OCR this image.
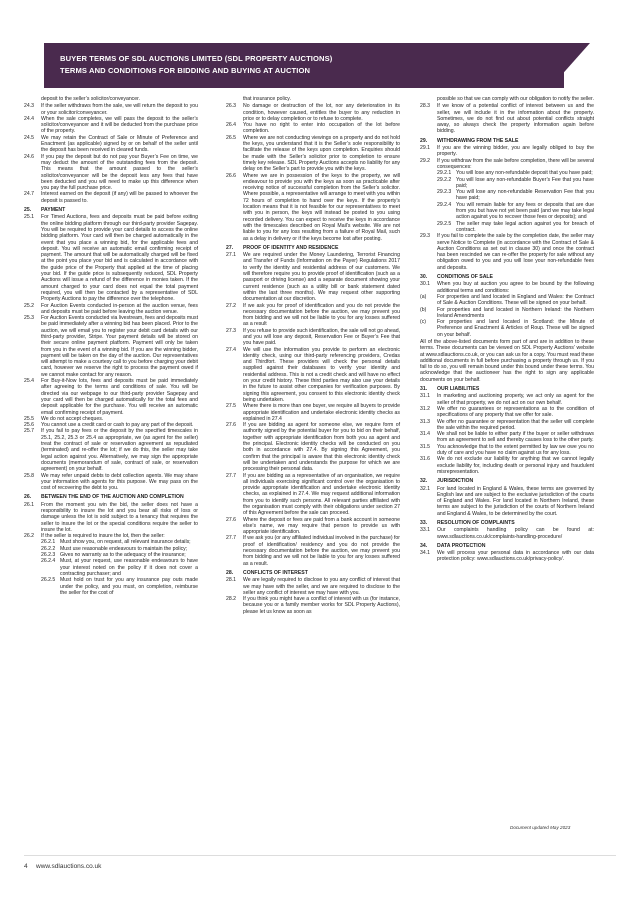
BUYER TERMS OF SDL AUCTIONS LIMITED (SDL PROPERTY AUCTIONS)
TERMS AND CONDITIONS FOR BIDDING AND BUYING AT AUCTION
deposit to the seller’s solicitor/conveyancer.
24.3	If the seller withdraws from the sale, we will return the deposit to you or your solicitor/conveyancer.
24.4	When the sale completes, we will pass the deposit to the seller’s solicitor/conveyancer and it will be deducted from the purchase price of the property.
24.5	We may retain the Contract of Sale or Minute of Preference and Enactment (as applicable) signed by or on behalf of the seller until the deposit has been received in cleared funds.
24.6	If you pay the deposit but do not pay your Buyer’s Fee on time, we may deduct the amount of the outstanding fees from the deposit. This means that the amount passed to the seller’s solicitor/conveyancer will be the deposit less any fees that have been deducted and you will need to make up this difference when you pay the full purchase price.
24.7	Interest earned on the deposit (if any) will be passed to whoever the deposit is passed to.
25.	PAYMENT
25.1	For Timed Auctions, fees and deposits must be paid before exiting the online bidding platform through our third-party provider Sagepay. You will be required to provide your card details to access the online bidding platform. Your card will then be charged automatically in the event that you place a winning bid, for the applicable fees and deposit. You will receive an automatic email confirming receipt of payment. The amount that will be automatically charged will be fixed at the point you place your bid and is calculated in accordance with the guide price of the Property that applied at the time of placing your bid. If the guide price is subsequently reduced, SDL Property Auctions will issue a refund of the difference in monies taken. If the amount charged to your card does not equal the total payment required, you will then be contacted by a representative of SDL Property Auctions to pay the difference over the telephone.
25.2	For Auction Events conducted in-person at the auction venue, fees and deposits must be paid before leaving the auction venue.
25.3	For Auction Events conducted via livestream, fees and deposits must be paid immediately after a winning bid has been placed. Prior to the auction, we will email you to register your debit card details with our third-party provider, Stripe. Your payment details will be stored on their secure online payment platform. Payment will only be taken from you in the event of a winning bid. If you are the winning bidder, payment will be taken on the day of the auction. Our representatives will attempt to make a courtesy call to you before charging your debit card, however we reserve the right to process the payment owed if we cannot make contact for any reason.
25.4	For Buy-it-Now lots, fees and deposits must be paid immediately after agreeing to the terms and conditions of sale. You will be directed via our webpage to our third-party provider Sagepay and your card will then be charged automatically for the total fees and deposit applicable for the purchase. You will receive an automatic email confirming receipt of payment.
25.5	We do not accept cheques.
25.6	You cannot use a credit card or cash to pay any part of the deposit.
25.7	If you fail to pay fees or the deposit by the specified timescales in 25.1, 25.2, 25.3 or 25.4 as appropriate, we (as agent for the seller) treat the contract of sale or reservation agreement as repudiated (terminated) and re-offer the lot; if we do this, the seller may take legal action against you. Alternatively, we may sign the appropriate documents (memorandum of sale, contract of sale, or reservation agreement) on your behalf.
25.8	We may refer unpaid debts to debt collection agents. We may share your information with agents for this purpose. We may pass on the cost of recovering the debt to you.
26.	BETWEEN THE END OF THE AUCTION AND COMPLETION
26.1	From the moment you win the bid, the seller does not have a responsibility to insure the lot and you bear all risks of loss or damage unless the lot is sold subject to a tenancy that requires the seller to insure the lot or the special conditions require the seller to insure the lot.
26.2	If the seller is required to insure the lot, then the seller:
26.2.1 Must show you, on request, all relevant insurance details;
26.2.2 Must use reasonable endeavours to maintain the policy;
26.2.3 Gives no warranty as to the adequacy of the insurance;
26.2.4 Must, at your request, use reasonable endeavours to have your interest noted on the policy if it does not cover a contracting purchaser; and
26.2.5 Must hold on trust for you any insurance pay outs made under the policy, and you must, on completion, reimburse the seller for the cost of
that insurance policy.
26.3	No damage or destruction of the lot, nor any deterioration in its condition, however caused, entitles the buyer to any reduction in price or to delay completion or to refuse to complete.
26.4	You have no right to enter into occupation of the lot before completion.
26.5	Where we are not conducting viewings on a property and do not hold the keys, you understand that it is the Seller’s sole responsibility to facilitate the release of the keys upon completion. Enquiries should be made with the Seller’s solicitor prior to completion to ensure timely key release. SDL Property Auctions accepts no liability for any delay on the Seller’s part to provide you with the keys.
26.6	Where we are in possession of the keys to the property, we will endeavour to provide you with the keys as soon as practicable after receiving notice of successful completion from the Seller’s solicitor. Where possible, a representative will arrange to meet with you within 72 hours of completion to hand over the keys. If the property’s location means that it is not feasible for our representatives to meet with you in person, the keys will instead be posted to you using recorded delivery. You can expect to receive the keys in accordance with the timescales described on Royal Mail’s website. We are not liable to you for any loss resulting from a failure of Royal Mail, such as a delay in delivery or if the keys become lost after posting.
27.	PROOF OF IDENTITY AND RESIDENCE
27.1	We are required under the Money Laundering, Terrorist Financing and Transfer of Funds (Information on the Payer) Regulations 2017 to verify the identity and residential address of our customers. We will therefore require you to provide proof of identification (such as a passport or driving license) and a separate document showing your current residence (such as a utility bill or bank statement dated within the last three months). We may request other supporting documentation at our discretion.
27.2	If we ask you for proof of identification and you do not provide the necessary documentation before the auction, we may prevent you from bidding and we will not be liable to you for any losses suffered as a result
27.3	If you refuse to provide such identification, the sale will not go ahead, and you will lose any deposit, Reservation Fee or Buyer’s Fee that you have paid.
27.4	We will use the information you provide to perform an electronic identity check, using our third-party referencing providers, Credas and Thirdfort. These providers will check the personal details supplied against their databases to verify your identity and residential address. This is not a credit check and will have no effect on your credit history. These third parties may also use your details in the future to assist other companies for verification purposes. By signing this agreement, you consent to this electronic identity check being undertaken.
27.5	Where there is more than one buyer, we require all buyers to provide appropriate identification and undertake electronic identity checks as explained in 27.4
27.6	If you are bidding as agent for someone else, we require form of authority signed by the potential buyer for you to bid on their behalf, together with appropriate identification from both you as agent and the principal. Electronic identity checks will be conducted on you both in accordance with 27.4. By signing this Agreement, you confirm that the principal is aware that this electronic identity check will be undertaken and understands the purpose for which we are processing their personal data.
27.7	If you are bidding as a representative of an organisation, we require all individuals exercising significant control over the organisation to provide appropriate identification and undertake electronic identity checks, as explained in 27.4. We may request additional information from you to identify such persons. All relevant parties affiliated with the organisation must comply with their obligations under section 27 of this Agreement before the sale can proceed.
27.6	Where the deposit or fees are paid from a bank account in someone else’s name, we may require that person to provide us with appropriate identification.
27.7	If we ask you (or any affiliated individual involved in the purchase) for proof of identification/ residency and you do not provide the necessary documentation before the auction, we may prevent you from bidding and we will not be liable to you for any losses suffered as a result.
28.	CONFLICTS OF INTEREST
28.1	We are legally required to disclose to you any conflict of interest that we may have with the seller, and we are required to disclose to the seller any conflict of interest we may have with you.
28.2	If you think you might have a conflict of interest with us (for instance, because you or a family member works for SDL Property Auctions), please let us know as soon as
possible so that we can comply with our obligation to notify the seller.
28.3	If we know of a potential conflict of interest between us and the seller, we will include it in the information about the property. Sometimes, we do not find out about potential conflicts straight away, so always check the property information again before bidding.
29.	WITHDRAWING FROM THE SALE
29.1	If you are the winning bidder, you are legally obliged to buy the property.
29.2	If you withdraw from the sale before completion, there will be several consequences:
29.2.1 You will lose any non-refundable deposit that you have paid;
29.2.2 You will lose any non-refundable Buyer’s Fee that you have paid;
29.2.3 You will lose any non-refundable Reservation Fee that you have paid;
29.2.4 You will remain liable for any fees or deposits that are due from you but have not yet been paid (and we may take legal action against you to recover those fees or deposits); and
29.2.5 The seller may take legal action against you for breach of contract.
29.3	If you fail to complete the sale by the completion date, the seller may serve Notice to Complete (in accordance with the Contract of Sale & Auction Conditions as set out in clause 30) and once the contract has been rescinded we can re-offer the property for sale without any obligation owed to you and you will lose your non-refundable fees and deposits.
30.	CONDITIONS OF SALE
30.1	When you buy at auction you agree to be bound by the following additional terms and conditions:
(a)	For properties and land located in England and Wales: the Contract of Sale & Auction Conditions. These will be signed on your behalf.
(b)	For properties and land located in Northern Ireland: the Northern Ireland Amendments
(c)	For properties and land located in Scotland: the Minute of Preference and Enactment & Articles of Roup. These will be signed on your behalf.
All of the above-listed documents form part of and are in addition to these terms. These documents can be viewed on SDL Property Auctions’ website at www.sdlauctions.co.uk, or you can ask us for a copy. You must read these additional documents in full before purchasing a property through us. If you fail to do so, you will remain bound under this bound under these terms. You acknowledge that the auctioneer has the right to sign any applicable documents on your behalf.
31.	OUR LIABILITIES
31.1	In marketing and auctioning property, we act only as agent for the seller of that property, we do not act on our own behalf.
31.2	We offer no guarantees or representations as to the condition of specifications of any property that we offer for sale.
31.3	We offer no guarantee or representation that the seller will complete the sale within the required period.
31.4	We shall not be liable to either party if the buyer or seller withdraws from an agreement to sell and thereby causes loss to the other party.
31.5	You acknowledge that to the extent permitted by law we owe you no duty of care and you have no claim against us for any loss.
31.6	We do not exclude our liability for anything that we cannot legally exclude liability for, including death or personal injury and fraudulent misrepresentation.
32.	JURISDICTION
32.1	For land located in England & Wales, these terms are governed by English law and are subject to the exclusive jurisdiction of the courts of England and Wales. For land located in Northern Ireland, these terms are subject to the jurisdiction of the courts of Northern Ireland and England & Wales, to be determined by the court.
33.	RESOLUTION OF COMPLAINTS
33.1	Our complaints handling policy can be found at: www.sdlauctions.co.uk/complaints-handling-procedure/
34.	DATA PROTECTION
34.1	We will process your personal data in accordance with our data protection policy: www.sdlauctions.co.uk/privacy-policy/.
Document updated May 2023
4 www.sdlauctions.co.uk
